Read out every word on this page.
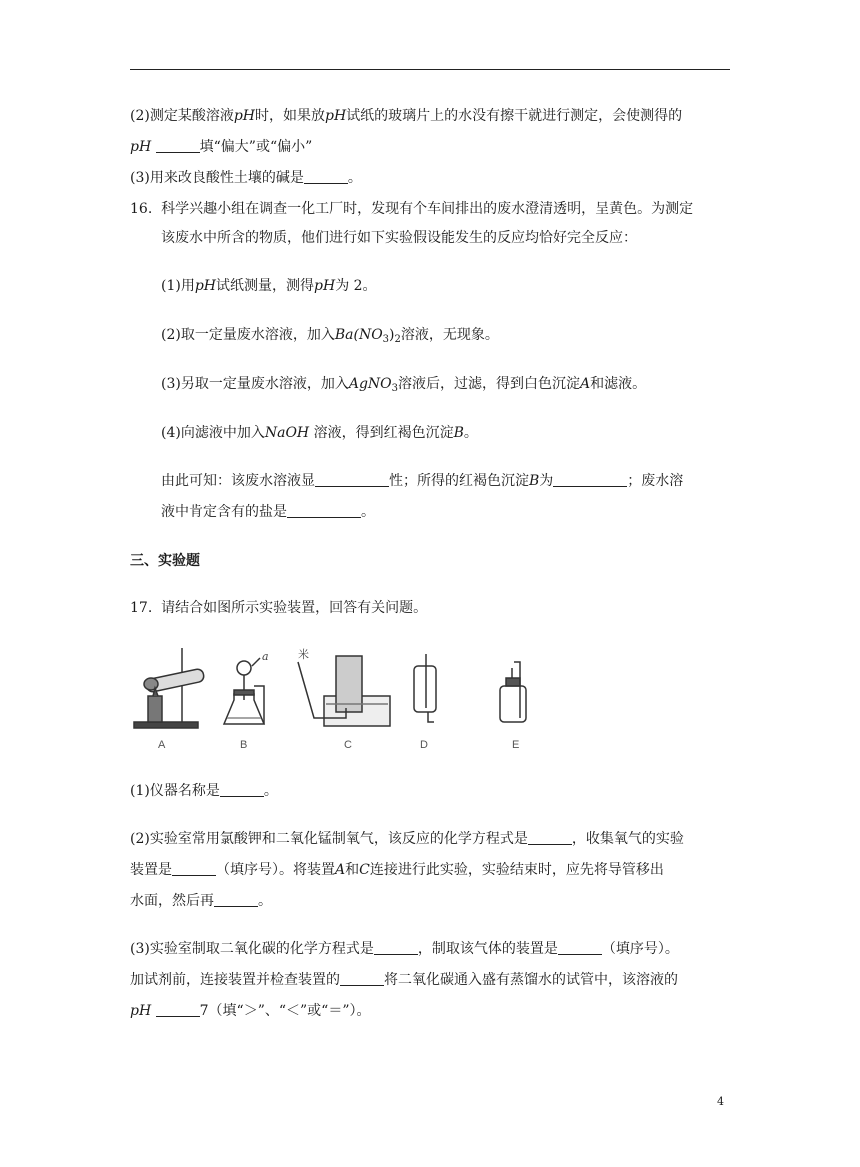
(2)测定某酸溶液pH时，如果放pH试纸的玻璃片上的水没有擦干就进行测定，会使测得的
pH	填“偏大”或“偏小”
(3)用来改良酸性土壤的碱是	。
16. 科学兴趣小组在调查一化工厂时，发现有个车间排出的废水澄清透明，呈黄色。为测定
该废水中所含的物质，他们进行如下实验假设能发生的反应均恰好完全反应：
(1)用pH试纸测量，测得pH为 2。
(2)取一定量废水溶液，加入$Ba(NO_3)_2$溶液，无现象。
(3)另取一定量废水溶液，加入AgNO$_3$溶液后，过滤，得到白色沉淀A和滤液。
(4)向滤液中加入NaOH 溶液，得到红褐色沉淀B。
由此可知：该废水溶液显	性；所得的红褐色沉淀B为	；废水溶
液中肯定含有的盐是	。
三、实验题
17. 请结合如图所示实验装置，回答有关问题。
a	米
A	B	C	D	E
(1)仪器名称是	。
(2)实验室常用氯酸钾和二氧化锰制氧气，该反应的化学方程式是	，收集氧气的实验
装置是	（填序号）。将装置A和C连接进行此实验，实验结束时，应先将导管移出
水面，然后再	。
(3)实验室制取二氧化碳的化学方程式是	，制取该气体的装置是	（填序号）。
加试剂前，连接装置并检查装置的	将二氧化碳通入盛有蒸馏水的试管中，该溶液的
pH	7（填“＞”、“＜”或“＝”）。
4
